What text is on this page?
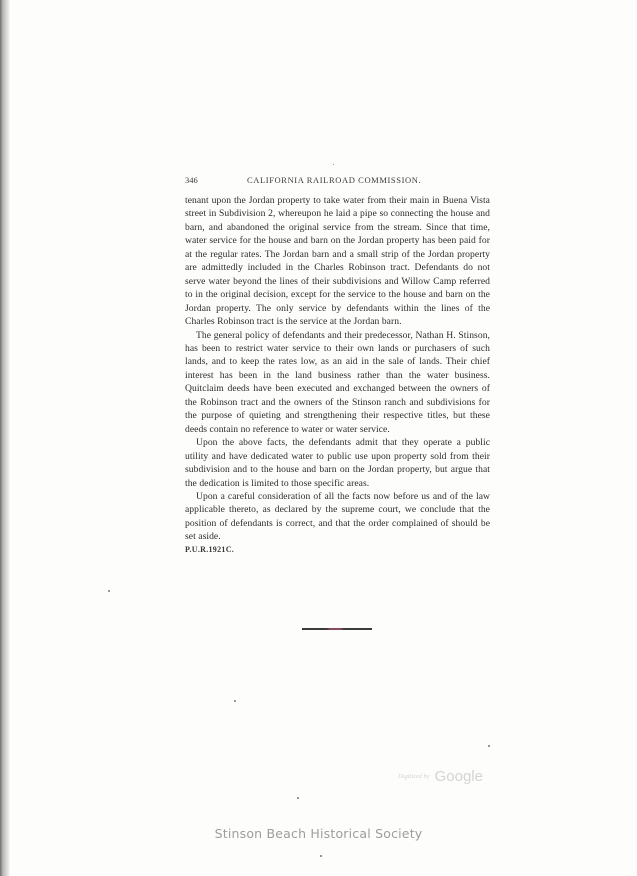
346	CALIFORNIA RAILROAD COMMISSION.

tenant upon the Jordan property to take water from their main in Buena Vista street in Subdivision 2, whereupon he laid a pipe so connecting the house and barn, and abandoned the original service from the stream. Since that time, water service for the house and barn on the Jordan property has been paid for at the regular rates. The Jordan barn and a small strip of the Jordan property are admittedly included in the Charles Robinson tract. Defendants do not serve water beyond the lines of their subdivisions and Willow Camp referred to in the original decision, except for the service to the house and barn on the Jordan property. The only service by defendants within the lines of the Charles Robinson tract is the service at the Jordan barn.

The general policy of defendants and their predecessor, Nathan H. Stinson, has been to restrict water service to their own lands or purchasers of such lands, and to keep the rates low, as an aid in the sale of lands. Their chief interest has been in the land business rather than the water business. Quitclaim deeds have been executed and exchanged between the owners of the Robinson tract and the owners of the Stinson ranch and subdivisions for the purpose of quieting and strengthening their respective titles, but these deeds contain no reference to water or water service.

Upon the above facts, the defendants admit that they operate a public utility and have dedicated water to public use upon property sold from their subdivision and to the house and barn on the Jordan property, but argue that the dedication is limited to those specific areas.

Upon a careful consideration of all the facts now before us and of the law applicable thereto, as declared by the supreme court, we conclude that the position of defendants is correct, and that the order complained of should be set aside.

P.U.R.1921C.
Digitized by Google
Stinson Beach Historical Society
